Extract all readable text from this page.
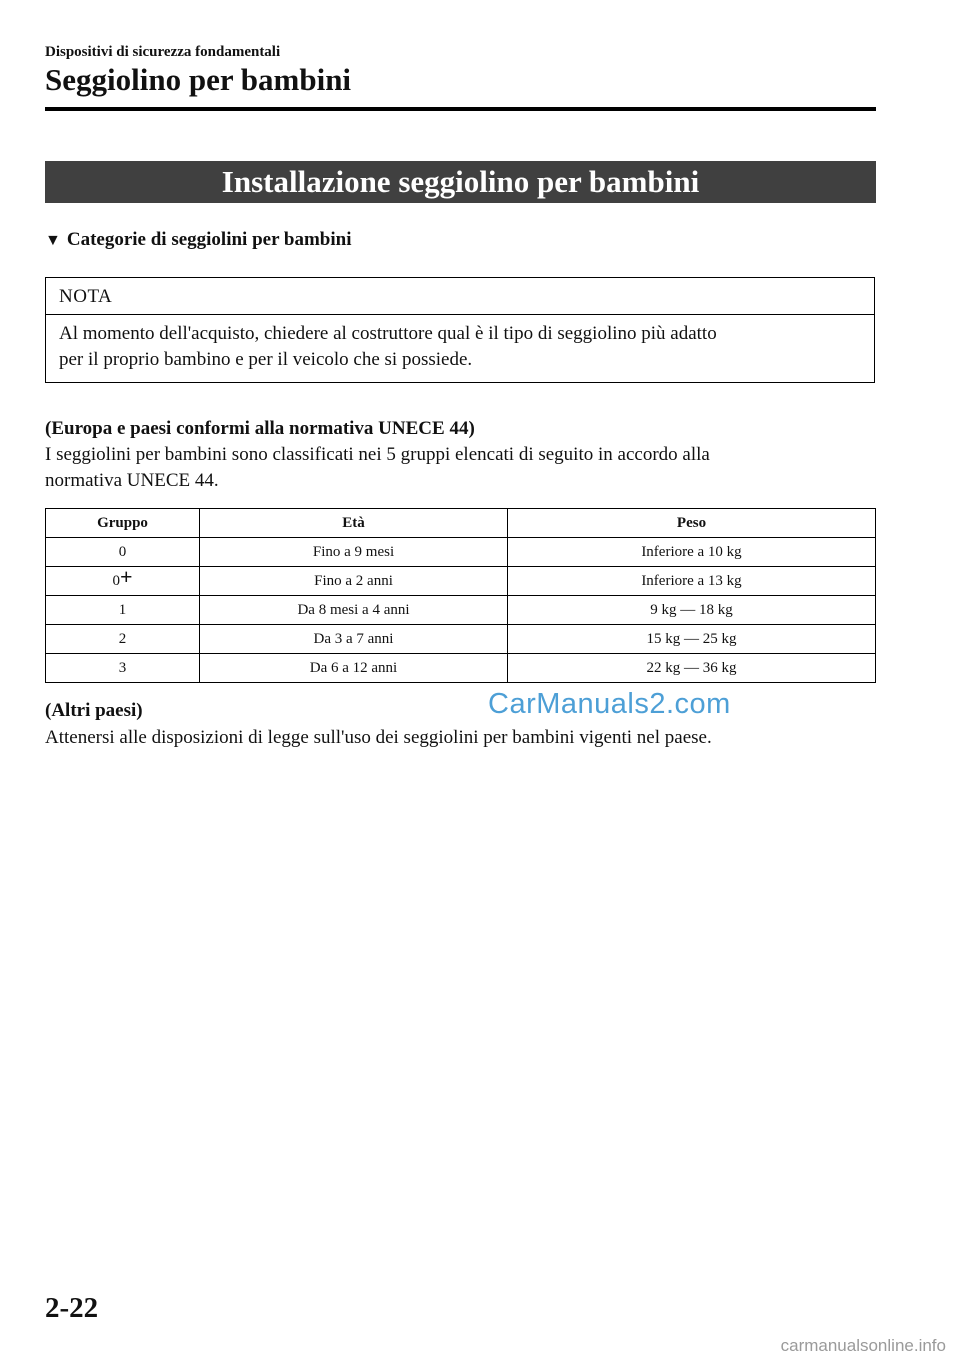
Dispositivi di sicurezza fondamentali
Seggiolino per bambini
Installazione seggiolino per bambini
▼ Categorie di seggiolini per bambini
NOTA
Al momento dell'acquisto, chiedere al costruttore qual è il tipo di seggiolino più adatto
per il proprio bambino e per il veicolo che si possiede.
(Europa e paesi conformi alla normativa UNECE 44)
I seggiolini per bambini sono classificati nei 5 gruppi elencati di seguito in accordo alla
normativa UNECE 44.
Gruppo	Età	Peso
0	Fino a 9 mesi	Inferiore a 10 kg
0+	Fino a 2 anni	Inferiore a 13 kg
1	Da 8 mesi a 4 anni	9 kg ― 18 kg
2	Da 3 a 7 anni	15 kg ― 25 kg
3	Da 6 a 12 anni	22 kg ― 36 kg
(Altri paesi)
Attenersi alle disposizioni di legge sull'uso dei seggiolini per bambini vigenti nel paese.
CarManuals2.com
2-22
carmanualsonline.info
